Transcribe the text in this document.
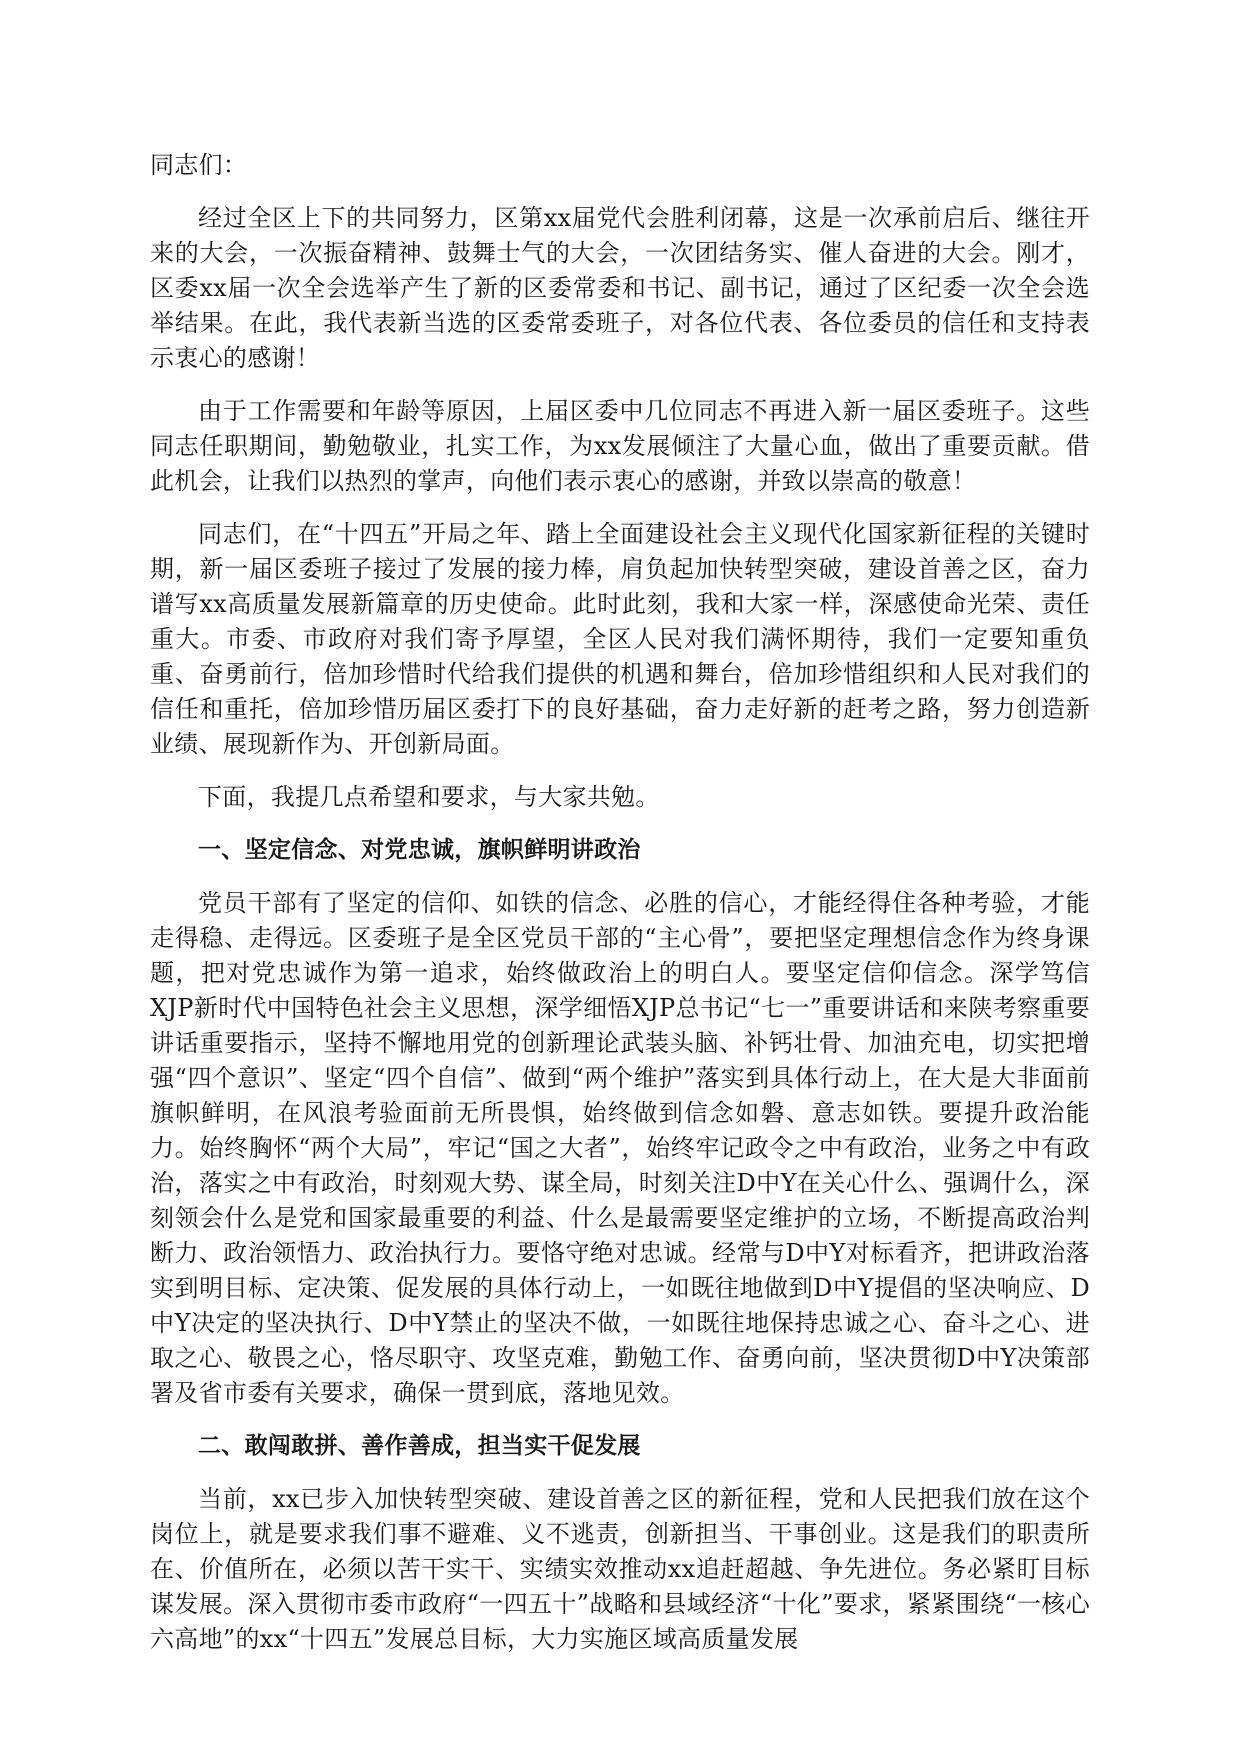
同志们：

经过全区上下的共同努力，区第xx届党代会胜利闭幕，这是一次承前启后、继往开来的大会，一次振奋精神、鼓舞士气的大会，一次团结务实、催人奋进的大会。刚才，区委xx届一次全会选举产生了新的区委常委和书记、副书记，通过了区纪委一次全会选举结果。在此，我代表新当选的区委常委班子，对各位代表、各位委员的信任和支持表示衷心的感谢！

由于工作需要和年龄等原因，上届区委中几位同志不再进入新一届区委班子。这些同志任职期间，勤勉敬业，扎实工作，为xx发展倾注了大量心血，做出了重要贡献。借此机会，让我们以热烈的掌声，向他们表示衷心的感谢，并致以崇高的敬意！

同志们，在“十四五”开局之年、踏上全面建设社会主义现代化国家新征程的关键时期，新一届区委班子接过了发展的接力棒，肩负起加快转型突破，建设首善之区，奋力谱写xx高质量发展新篇章的历史使命。此时此刻，我和大家一样，深感使命光荣、责任重大。市委、市政府对我们寄予厚望，全区人民对我们满怀期待，我们一定要知重负重、奋勇前行，倍加珍惜时代给我们提供的机遇和舞台，倍加珍惜组织和人民对我们的信任和重托，倍加珍惜历届区委打下的良好基础，奋力走好新的赶考之路，努力创造新业绩、展现新作为、开创新局面。

下面，我提几点希望和要求，与大家共勉。

一、坚定信念、对党忠诚，旗帜鲜明讲政治

党员干部有了坚定的信仰、如铁的信念、必胜的信心，才能经得住各种考验，才能走得稳、走得远。区委班子是全区党员干部的“主心骨”，要把坚定理想信念作为终身课题，把对党忠诚作为第一追求，始终做政治上的明白人。要坚定信仰信念。深学笃信XJP新时代中国特色社会主义思想，深学细悟XJP总书记“七一”重要讲话和来陕考察重要讲话重要指示，坚持不懈地用党的创新理论武装头脑、补钙壮骨、加油充电，切实把增强“四个意识”、坚定“四个自信”、做到“两个维护”落实到具体行动上，在大是大非面前旗帜鲜明，在风浪考验面前无所畏惧，始终做到信念如磐、意志如铁。要提升政治能力。始终胸怀“两个大局”，牢记“国之大者”，始终牢记政令之中有政治，业务之中有政治，落实之中有政治，时刻观大势、谋全局，时刻关注D中Y在关心什么、强调什么，深刻领会什么是党和国家最重要的利益、什么是最需要坚定维护的立场，不断提高政治判断力、政治领悟力、政治执行力。要恪守绝对忠诚。经常与D中Y对标看齐，把讲政治落实到明目标、定决策、促发展的具体行动上，一如既往地做到D中Y提倡的坚决响应、D中Y决定的坚决执行、D中Y禁止的坚决不做，一如既往地保持忠诚之心、奋斗之心、进取之心、敬畏之心，恪尽职守、攻坚克难，勤勉工作、奋勇向前，坚决贯彻D中Y决策部署及省市委有关要求，确保一贯到底，落地见效。

二、敢闯敢拼、善作善成，担当实干促发展

当前，xx已步入加快转型突破、建设首善之区的新征程，党和人民把我们放在这个岗位上，就是要求我们事不避难、义不逃责，创新担当、干事创业。这是我们的职责所在、价值所在，必须以苦干实干、实绩实效推动xx追赶超越、争先进位。务必紧盯目标谋发展。深入贯彻市委市政府“一四五十”战略和县域经济“十化”要求，紧紧围绕“一核心六高地”的xx“十四五”发展总目标，大力实施区域高质量发展
